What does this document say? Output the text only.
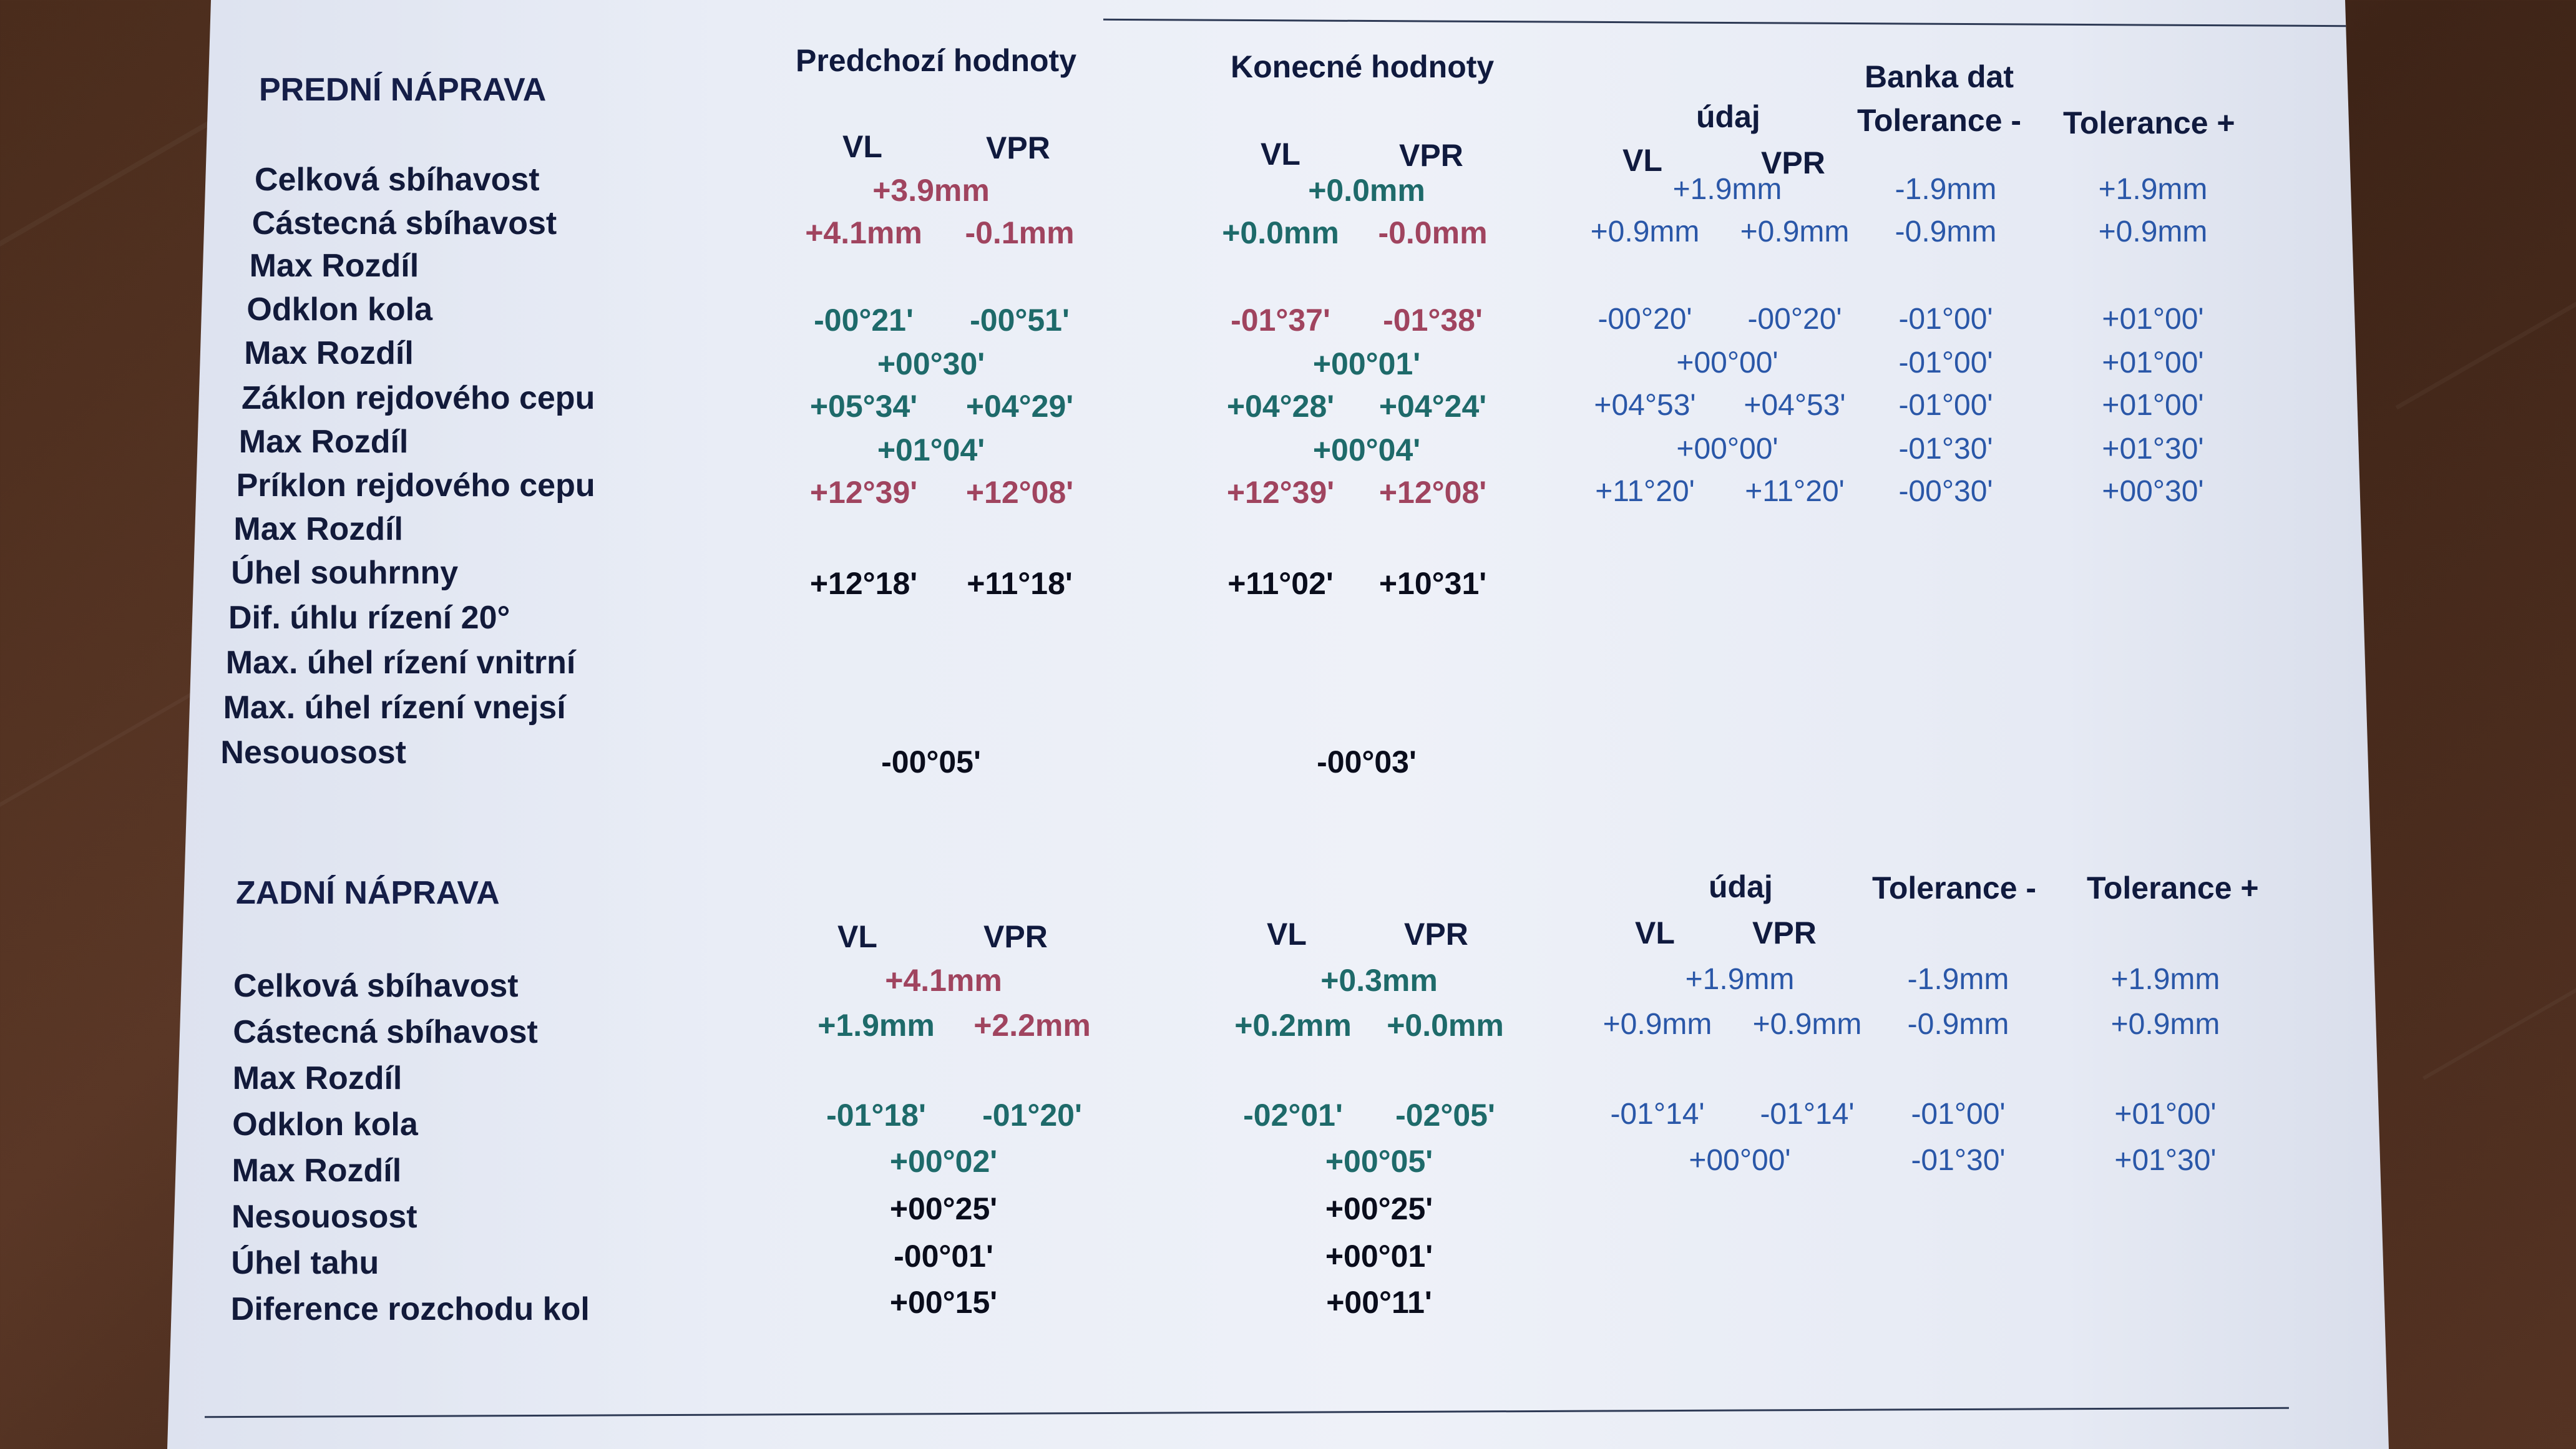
PREDNÍ NÁPRAVA
Predchozí hodnoty	Konecné hodnoty	Banka dat
údaj	Tolerance - Tolerance +
VL	VPR	VL	VPR	VL	VPR
ZADNÍ NÁPRAVA	údaj	Tolerance - Tolerance +
VL	VPR	VL	VPR	VL VPR
Celková sbíhavost	+3.9mm	+0.0mm	+1.9mm	-1.9mm	+1.9mm
Cástecná sbíhavost	+4.1mm -0.1mm	+0.0mm -0.0mm	+0.9mm +0.9mm -0.9mm	+0.9mm
Max Rozdíl
Odklon kola	-00°21' -00°51'	-01°37' -01°38'	-00°20' -00°20' -01°00'	+01°00'
Max Rozdíl	+00°30'	+00°01'	+00°00'	-01°00'	+01°00'
Záklon rejdového cepu	+05°34' +04°29'	+04°28' +04°24'	+04°53' +04°53' -01°00'	+01°00'
Max Rozdíl	+01°04'	+00°04'	+00°00'	-01°30'	+01°30'
Príklon rejdového cepu	+12°39' +12°08'	+12°39' +12°08'	+11°20' +11°20' -00°30'	+00°30'
Max Rozdíl
Úhel souhrnny	+12°18' +11°18'	+11°02' +10°31'
Dif. úhlu rízení 20°
Max. úhel rízení vnitrní
Max. úhel rízení vnejsí
Nesouosost	-00°05'	-00°03'
Celková sbíhavost	+4.1mm	+0.3mm	+1.9mm	-1.9mm	+1.9mm
Cástecná sbíhavost	+1.9mm +2.2mm	+0.2mm +0.0mm	+0.9mm +0.9mm -0.9mm	+0.9mm
Max Rozdíl
Odklon kola	-01°18' -01°20'	-02°01' -02°05'	-01°14' -01°14' -01°00'	+01°00'
Max Rozdíl	+00°02'	+00°05'	+00°00'	-01°30'	+01°30'
Nesouosost	+00°25'	+00°25'
Úhel tahu	-00°01'	+00°01'
Diference rozchodu kol	+00°15'	+00°11'
